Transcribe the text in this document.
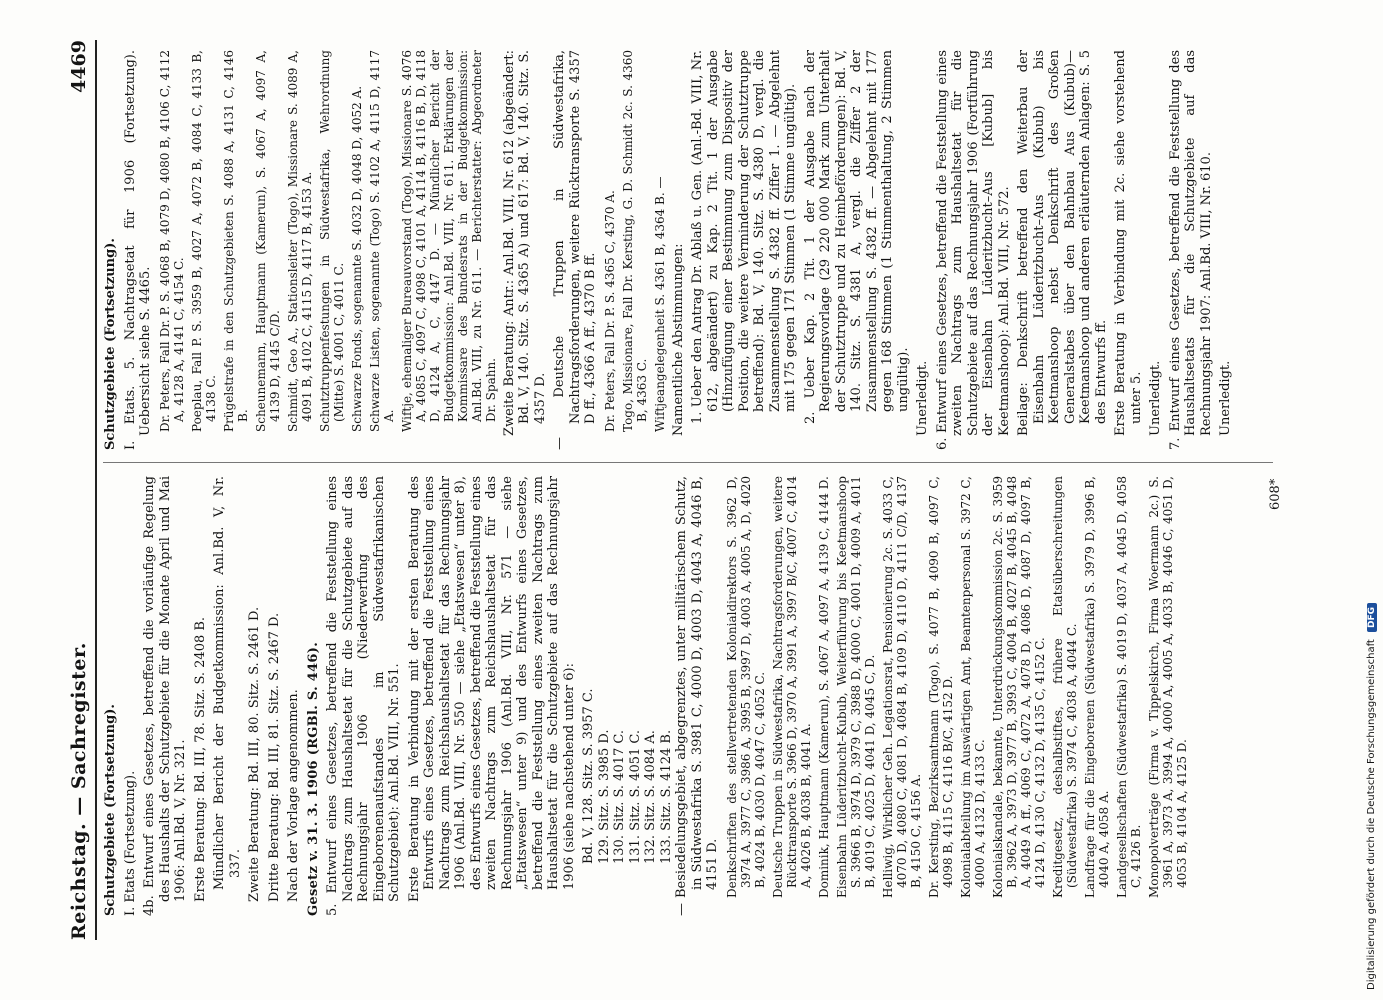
Reichstag. — Sachregister.
4469

Schutzgebiete (Fortsetzung). I. Etats (Fortsetzung). 4b. Entwurf eines Gesetzes, betreffend die vorläufige Regelung des Haushalts der Schutzgebiete für die Monate April und Mai 1906: Anl.Bd. V, Nr. 321. Erste Beratung: Bd. III, 78. Sitz. S. 2408 B. Mündlicher Bericht der Budgetkommission: Anl.Bd. V, Nr. 337. Zweite Beratung: Bd. III, 80. Sitz. S. 2461 D. Dritte Beratung: Bd. III, 81. Sitz. S. 2467 D. Nach der Vorlage angenommen. Gesetz v. 31. 3. 1906 (RGBl. S. 446). 5. Entwurf eines Gesetzes, betreffend die Feststellung eines Nachtrags zum Haushaltsetat für die Schutzgebiete auf das Rechnungsjahr 1906 (Niederwerfung des Eingeborenenaufstandes im Südwestafrikanischen Schutzgebiet): Anl.Bd. VIII, Nr. 551. Erste Beratung in Verbindung mit der ersten Beratung des Entwurfs eines Gesetzes, betreffend die Feststellung eines Nachtrags zum Reichshaushaltsetat für das Rechnungsjahr 1906 (Anl.Bd. VIII, Nr. 550 — siehe „Etatswesen“ unter 8), des Entwurfs eines Gesetzes, betreffend die Feststellung eines zweiten Nachtrags zum Reichshaushaltsetat für das Rechnungsjahr 1906 (Anl.Bd. VIII, Nr. 571 — siehe „Etatswesen“ unter 9) und des Entwurfs eines Gesetzes, betreffend die Feststellung eines zweiten Nachtrags zum Haushaltsetat für die Schutzgebiete auf das Rechnungsjahr 1906 (siehe nachstehend unter 6): Bd. V, 128. Sitz. S. 3957 C. 129. Sitz. S. 3985 D. 130. Sitz. S. 4017 C. 131. Sitz. S. 4051 C. 132. Sitz. S. 4084 A. 133. Sitz. S. 4124 B. — Besiedelungsgebiet, abgegrenztes, unter militärischem Schutz, in Südwestafrika S. 3981 C, 4000 D, 4003 D, 4043 A, 4046 B, 4151 D. Denkschriften des stellvertretenden Kolonialdirektors S. 3962 D, 3974 A, 3977 C, 3986 A, 3995 B, 3997 D, 4003 A, 4005 A, D, 4020 B, 4024 B, 4030 D, 4047 C, 4052 C. Deutsche Truppen in Südwestafrika, Nachtragsforderungen, weitere Rücktransporte S. 3966 D, 3970 A, 3991 A, 3997 B/C, 4007 C, 4014 A, 4026 B, 4038 B, 4041 A. Dominik, Hauptmann (Kamerun), S. 4067 A, 4097 A, 4139 C, 4144 D. Eisenbahn Lüderitzbucht–Kubub, Weiterführung bis Keetmanshoop S. 3966 B, 3974 D, 3979 C, 3988 D, 4000 C, 4001 D, 4009 A, 4011 B, 4019 C, 4025 D, 4041 D, 4045 C, D. Helliwig, Wirklicher Geh. Legationsrat, Pensionierung 2c. S. 4033 C, 4070 D, 4080 C, 4081 D, 4084 B, 4109 D, 4110 D, 4111 C/D, 4137 B, 4150 C, 4156 A. Dr. Kersting, Bezirksamtmann (Togo), S. 4077 B, 4090 B, 4097 C, 4098 B, 4115 C, 4116 B/C, 4152 D. Kolonialabteilung im Auswärtigen Amt, Beamtenpersonal S. 3972 C, 4000 A, 4132 D, 4133 C. Kolonialskandale, bekannte, Unterdrückungskommission 2c. S. 3959 B, 3962 A, 3973 D, 3977 B, 3993 C, 4004 B, 4027 B, 4045 B, 4048 A, 4049 A ff., 4069 C, 4072 A, 4078 D, 4086 D, 4087 D, 4097 B, 4124 D, 4130 C, 4132 D, 4135 C, 4152 C. Kreditgesetz, deshalbstiftes, frühere Etatsüberschreitungen (Südwestafrika) S. 3974 C, 4038 A, 4044 C. Landfrage für die Eingeborenen (Südwestafrika) S. 3979 D, 3996 B, 4040 A, 4058 A. Landgesellschaften (Südwestafrika) S. 4019 D, 4037 A, 4045 D, 4058 C, 4126 B. Monopolverträge (Firma v. Tippelskirch, Firma Woermann 2c.) S. 3961 A, 3973 A, 3994 A, 4000 A, 4005 A, 4033 B, 4046 C, 4051 D, 4053 B, 4104 A, 4125 D.

Schutzgebiete (Fortsetzung). I. Etats. 5. Nachtragsetat für 1906 (Fortsetzung). Uebersicht siehe S. 4465. Dr. Peters, Fall Dr. P. S. 4068 B, 4079 D, 4080 B, 4106 C, 4112 A, 4128 A, 4141 C, 4154 C. Poeplau, Fall P. S. 3959 B, 4027 A, 4072 B, 4084 C, 4133 B, 4138 C. Prügelstrafe in den Schutzgebieten S. 4088 A, 4131 C, 4146 B. Scheunemann, Hauptmann (Kamerun), S. 4067 A, 4097 A, 4139 D, 4145 C/D. Schmidt, Geo A., Stationsleiter (Togo), Missionare S. 4089 A, 4091 B, 4102 C, 4115 D, 4117 B, 4153 A. Schutztruppenfestungen in Südwestafrika, Wehrordnung (Mitte) S. 4001 C, 4011 C. Schwarze Fonds, sogenannte S. 4032 D, 4048 D, 4052 A. Schwarze Listen, sogenannte (Togo) S. 4102 A, 4115 D, 4117 A. Wiftje, ehemaliger Bureauvorstand (Togo), Missionare S. 4076 A, 4085 C, 4097 C, 4098 C, 4101 A, 4114 B, 4116 B, D, 4118 D, 4124 A, C, 4147 D. — Mündlicher Bericht der Budgetkommission: Anl.Bd. VIII, Nr. 611. Erklärungen der Kommissare des Bundesrats in der Budgetkommission: Anl.Bd. VIII, zu Nr. 611. — Berichterstatter: Abgeordneter Dr. Spahn. Zweite Beratung: Antr.: Anl.Bd. VIII, Nr. 612 (abgeändert: Bd. V, 140. Sitz. S. 4365 A) und 617: Bd. V, 140. Sitz. S. 4357 D. — Deutsche Truppen in Südwestafrika, Nachtragsforderungen, weitere Rücktransporte S. 4357 D ff., 4366 A ff., 4370 B ff. Dr. Peters, Fall Dr. P. S. 4365 C, 4370 A. Togo, Missionare, Fall Dr. Kersting, G. D. Schmidt 2c. S. 4360 B, 4363 C. Wiftjeangelegenheit S. 4361 B, 4364 B. — Namentliche Abstimmungen: 1. Ueber den Antrag Dr. Ablaß u. Gen. (Anl.-Bd. VIII, Nr. 612, abgeändert) zu Kap. 2 Tit. 1 der Ausgabe (Hinzufügung einer Bestimmung zum Dispositiv der Position, die weitere Verminderung der Schutztruppe betreffend): Bd. V, 140. Sitz. S. 4380 D, vergl. die Zusammenstellung S. 4382 ff. Ziffer 1. — Abgelehnt mit 175 gegen 171 Stimmen (1 Stimme ungültig). 2. Ueber Kap. 2 Tit. 1 der Ausgabe nach der Regierungsvorlage (29 220 000 Mark zum Unterhalt der Schutztruppe und zu Heimbeförderungen): Bd. V, 140. Sitz. S. 4381 A, vergl. die Ziffer 2 der Zusammenstellung S. 4382 ff. — Abgelehnt mit 177 gegen 168 Stimmen (1 Stimmenthaltung, 2 Stimmen ungültig). Unerledigt. 6. Entwurf eines Gesetzes, betreffend die Feststellung eines zweiten Nachtrags zum Haushaltsetat für die Schutzgebiete auf das Rechnungsjahr 1906 (Fortführung der Eisenbahn Lüderitzbucht–Aus [Kubub] bis Keetmanshoop): Anl.Bd. VIII, Nr. 572. Beilage: Denkschrift betreffend den Weiterbau der Eisenbahn Lüderitzbucht–Aus (Kubub) bis Keetmanshoop nebst Denkschrift des Großen Generalstabes über den Bahnbau Aus (Kubub)—Keetmanshoop und anderen erläuternden Anlagen: S. 5 des Entwurfs ff. Erste Beratung in Verbindung mit 2c. siehe vorstehend unter 5. Unerledigt. 7. Entwurf eines Gesetzes, betreffend die Feststellung des Haushaltsetats für die Schutzgebiete auf das Rechnungsjahr 1907: Anl.Bd. VIII, Nr. 610. Unerledigt.

608*
Digitalisierung gefördert durch die Deutsche Forschungsgemeinschaft DFG
